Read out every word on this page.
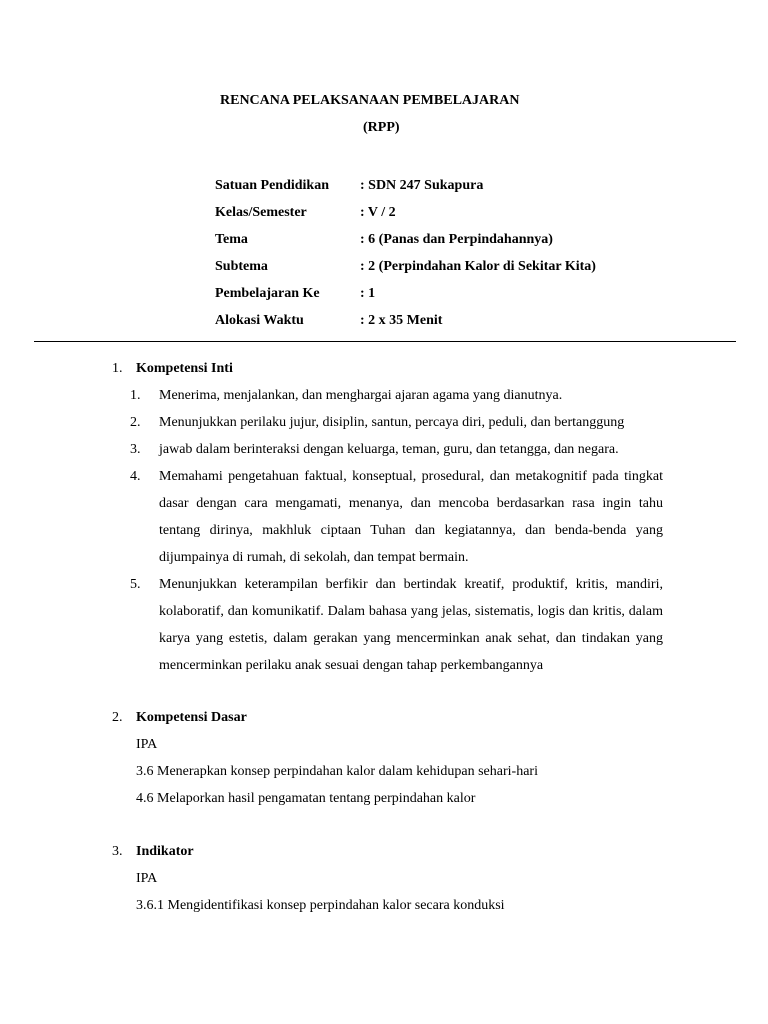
RENCANA PELAKSANAAN PEMBELAJARAN
(RPP)
Satuan Pendidikan	: SDN 247 Sukapura
Kelas/Semester	: V / 2
Tema	: 6 (Panas dan Perpindahannya)
Subtema	: 2 (Perpindahan Kalor di Sekitar Kita)
Pembelajaran Ke	: 1
Alokasi Waktu	: 2 x 35 Menit
1. Kompetensi Inti
1.	Menerima, menjalankan, dan menghargai ajaran agama yang dianutnya.
2.	Menunjukkan perilaku jujur, disiplin, santun, percaya diri, peduli, dan bertanggung
3.	jawab dalam berinteraksi dengan keluarga, teman, guru, dan tetangga, dan negara.
4.	Memahami pengetahuan faktual, konseptual, prosedural, dan metakognitif pada tingkat dasar dengan cara mengamati, menanya, dan mencoba berdasarkan rasa ingin tahu tentang dirinya, makhluk ciptaan Tuhan dan kegiatannya, dan benda-benda yang dijumpainya di rumah, di sekolah, dan tempat bermain.
5.	Menunjukkan keterampilan berfikir dan bertindak kreatif, produktif, kritis, mandiri, kolaboratif, dan komunikatif. Dalam bahasa yang jelas, sistematis, logis dan kritis, dalam karya yang estetis, dalam gerakan yang mencerminkan anak sehat, dan tindakan yang mencerminkan perilaku anak sesuai dengan tahap perkembangannya
2. Kompetensi Dasar
IPA
3.6 Menerapkan konsep perpindahan kalor dalam kehidupan sehari-hari
4.6 Melaporkan hasil pengamatan tentang perpindahan kalor
3. Indikator
IPA
3.6.1 Mengidentifikasi konsep perpindahan kalor secara konduksi
